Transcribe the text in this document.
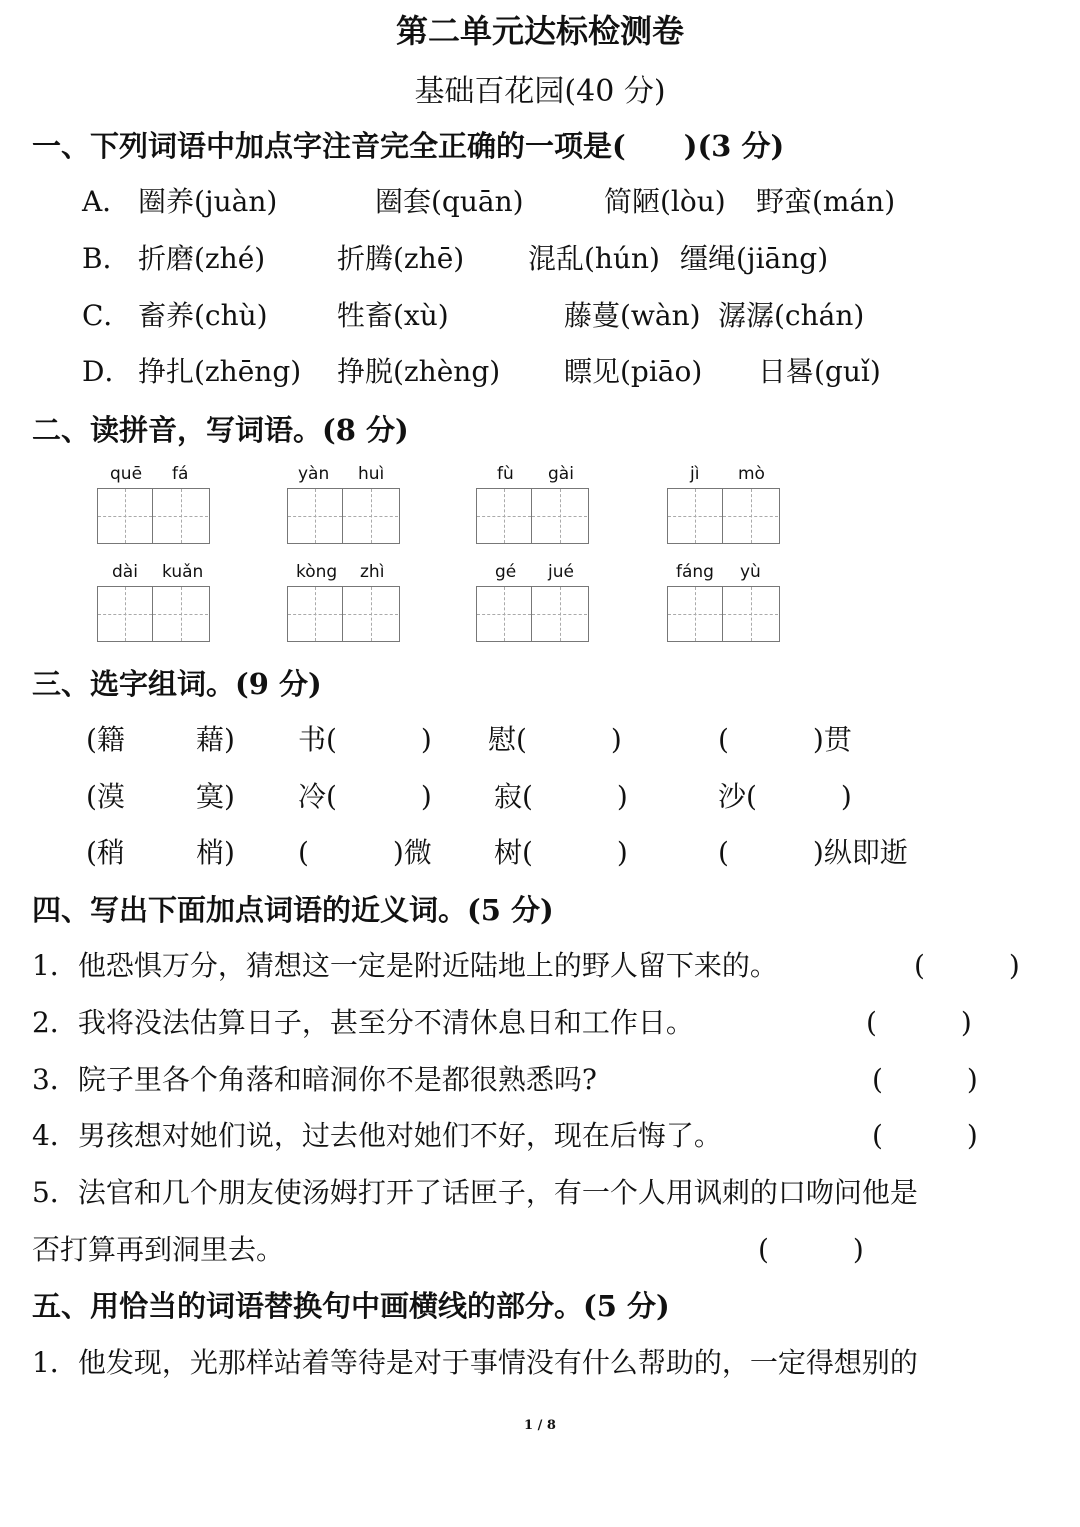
第二单元达标检测卷
基础百花园(40 分)
一、下列词语中加点字注音完全正确的一项是(　　)(3 分)
A． 圈养(juàn)	圈套(quān)	简陋(lòu) 野蛮(mán)
B． 折磨(zhé)	折腾(zhē) 混乱(hún) 缰绳(jiāng)
C． 畜养(chù) 牲畜(xù)	藤蔓(wàn) 潺潺(chán)
D． 挣扎(zhēng) 挣脱(zhèng) 瞟见(piāo) 日晷(guǐ)
二、读拼音，写词语。(8 分)
quē fá	yàn huì	fù gài	jì mò
dài kuǎn	kòng zhì	gé jué	fáng yù
三、选字组词。(9 分)
(籍	藉) 书(　　　) 慰(　　　)	(　　　)贯
(漠	寞) 冷(　　　) 寂(　　　)	沙(　　　)
(稍	梢) (　　　)微 树(　　　)	(　　　)纵即逝
四、写出下面加点词语的近义词。(5 分)
1．他恐惧万分，猜想这一定是附近陆地上的野人留下来的。	(　　　)
2．我将没法估算日子，甚至分不清休息日和工作日。	(　　　)
3．院子里各个角落和暗洞你不是都很熟悉吗?	(　　　)
4．男孩想对她们说，过去他对她们不好，现在后悔了。	(　　　)
5．法官和几个朋友使汤姆打开了话匣子，有一个人用讽刺的口吻问他是
否打算再到洞里去。	(　　　)
五、用恰当的词语替换句中画横线的部分。(5 分)
1．他发现，光那样站着等待是对于事情没有什么帮助的，一定得想别的
1 / 8
